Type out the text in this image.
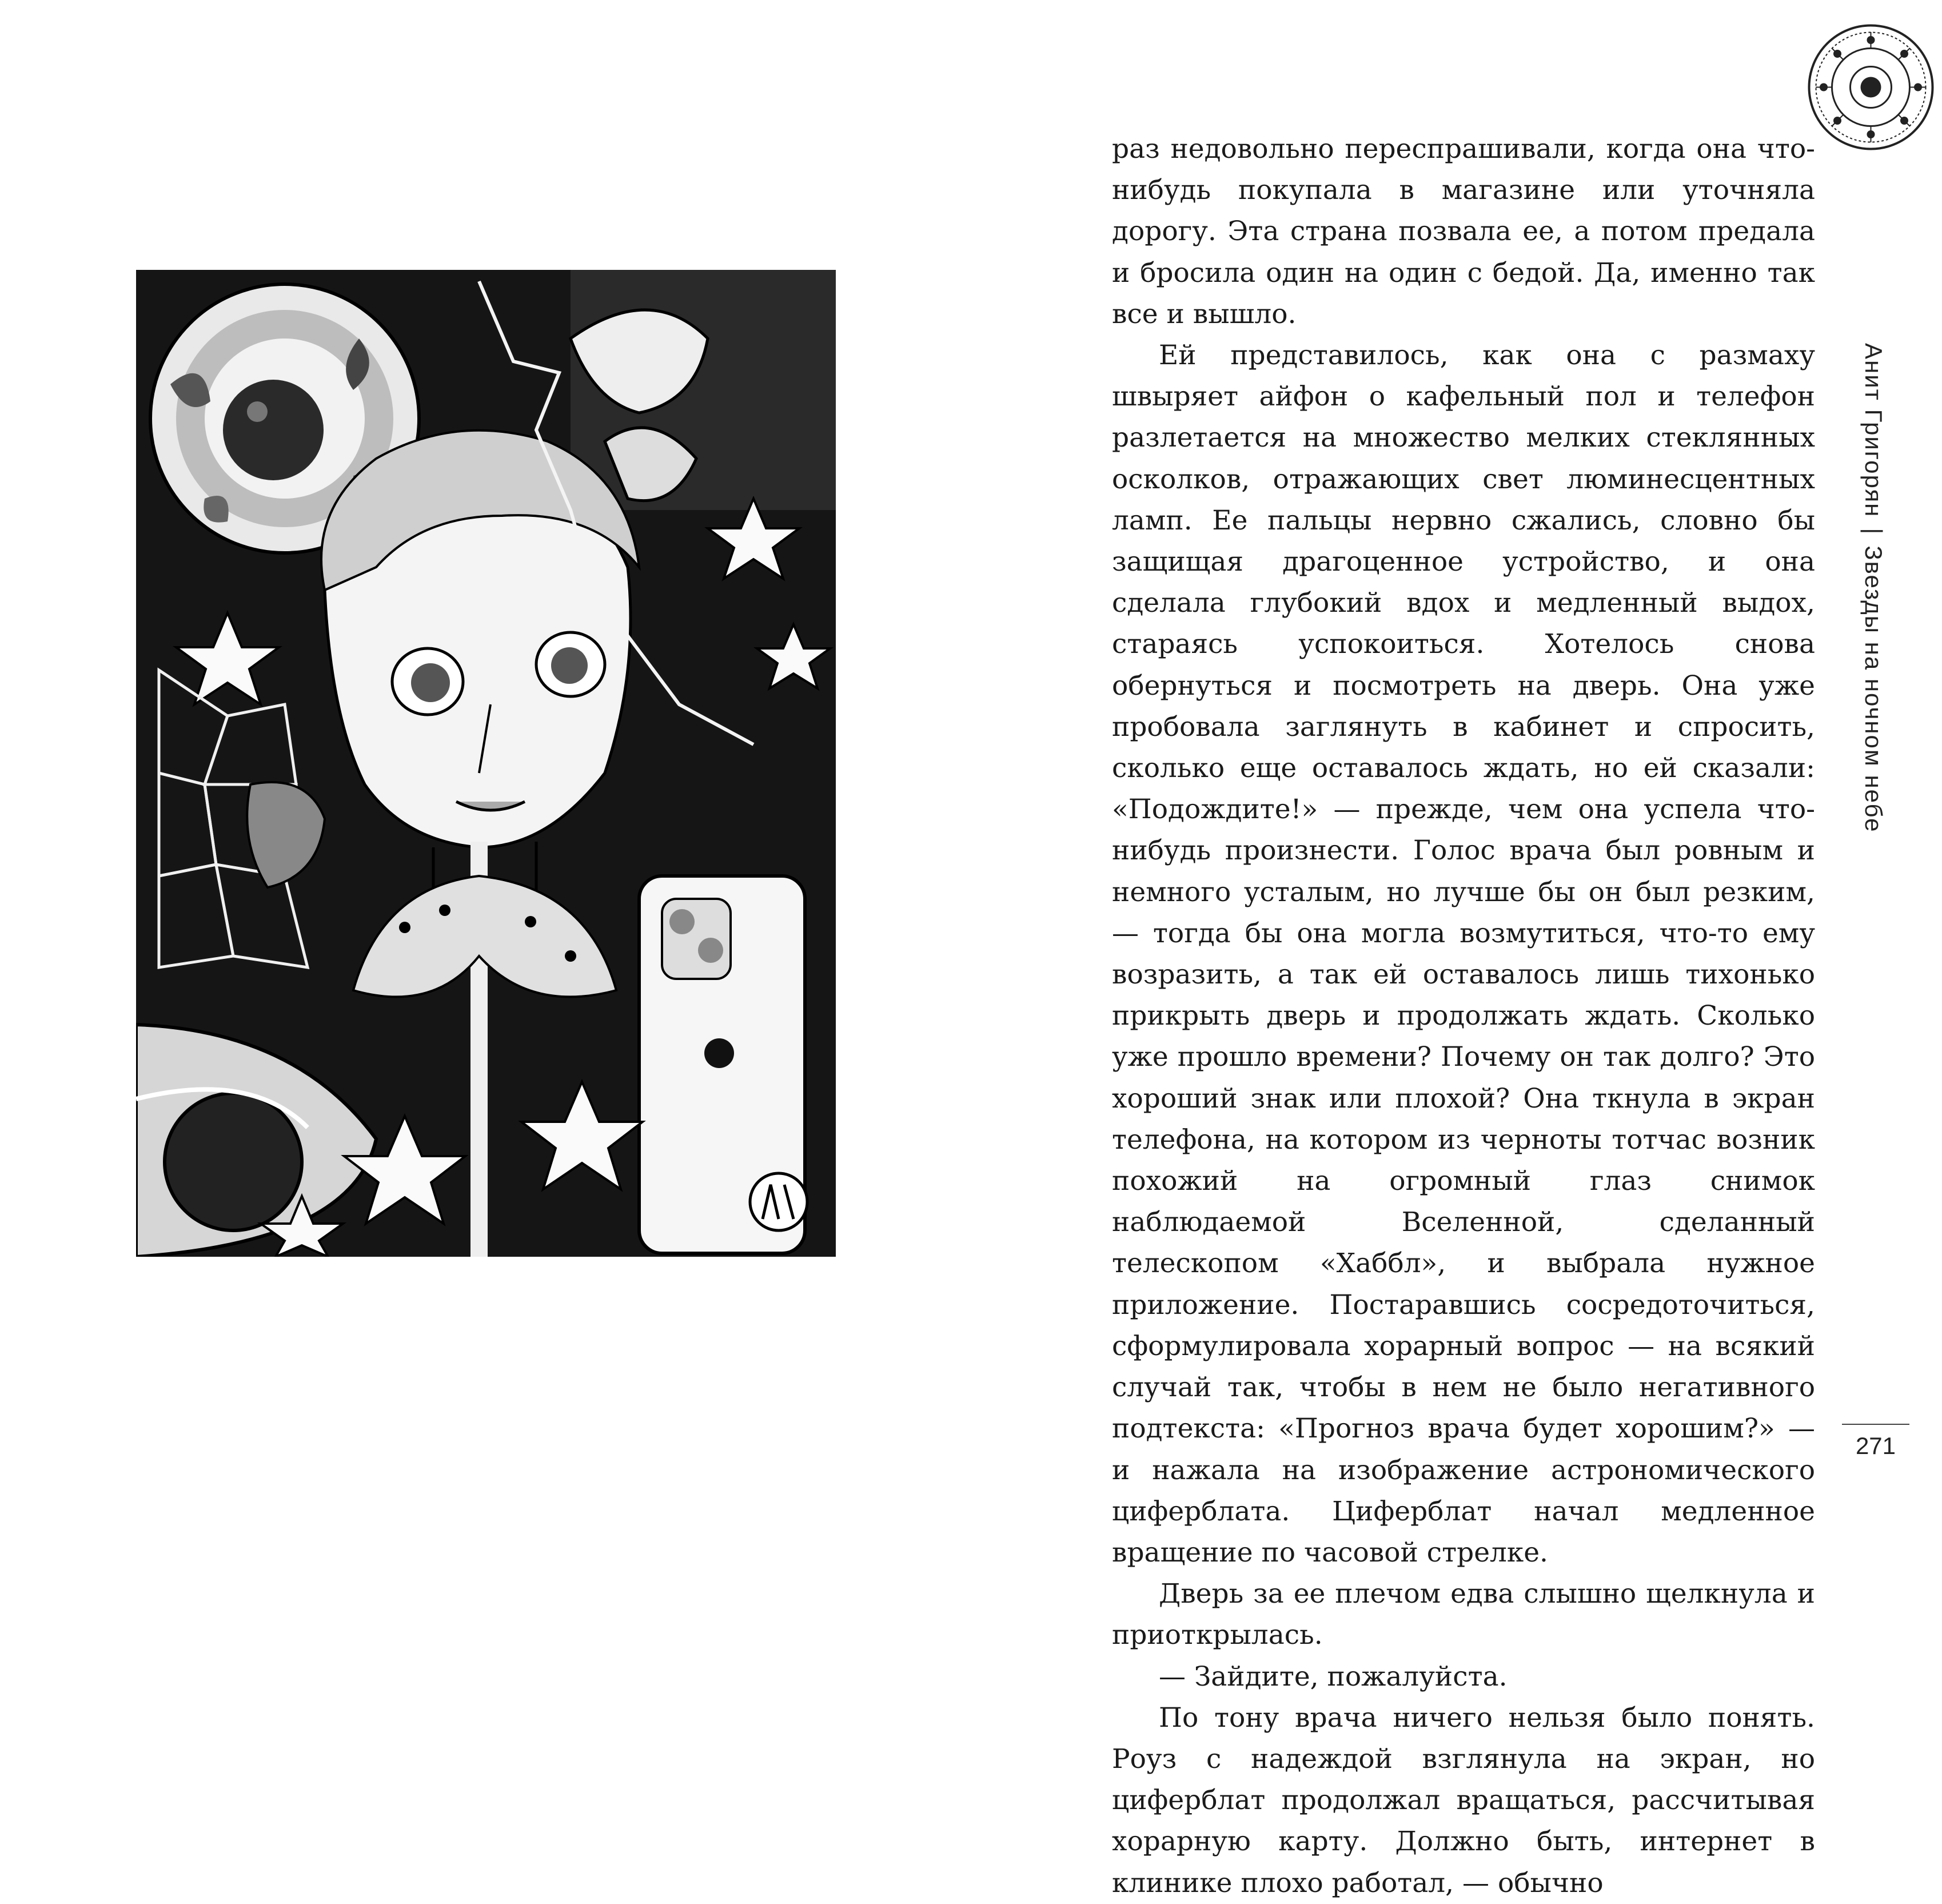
раз недовольно переспрашивали, когда она что-нибудь покупала в магазине или уточняла дорогу. Эта страна позвала ее, а потом предала и бросила один на один с бедой. Да, именно так все и вышло.

Ей представилось, как она с размаху швыряет айфон о кафельный пол и телефон разлетается на множество мелких стеклянных осколков, отражающих свет люминесцентных ламп. Ее пальцы нервно сжались, словно бы защищая драгоценное устройство, и она сделала глубокий вдох и медленный выдох, стараясь успокоиться. Хотелось снова обернуться и посмотреть на дверь. Она уже пробовала заглянуть в кабинет и спросить, сколько еще оставалось ждать, но ей сказали: «Подождите!» — прежде, чем она успела что-нибудь произнести. Голос врача был ровным и немного усталым, но лучше бы он был резким, — тогда бы она могла возмутиться, что-то ему возразить, а так ей оставалось лишь тихонько прикрыть дверь и продолжать ждать. Сколько уже прошло времени? Почему он так долго? Это хороший знак или плохой? Она ткнула в экран телефона, на котором из черноты тотчас возник похожий на огромный глаз снимок наблюдаемой Вселенной, сделанный телескопом «Хаббл», и выбрала нужное приложение. Постаравшись сосредоточиться, сформулировала хорарный вопрос — на всякий случай так, чтобы в нем не было негативного подтекста: «Прогноз врача будет хорошим?» — и нажала на изображение астрономического циферблата. Циферблат начал медленное вращение по часовой стрелке.

Дверь за ее плечом едва слышно щелкнула и приоткрылась.

— Зайдите, пожалуйста.

По тону врача ничего нельзя было понять. Роуз с надеждой взглянула на экран, но циферблат продолжал вращаться, рассчитывая хорарную карту. Должно быть, интернет в клинике плохо работал, — обычно

Анит Григорян|Звезды на ночном небе
271
